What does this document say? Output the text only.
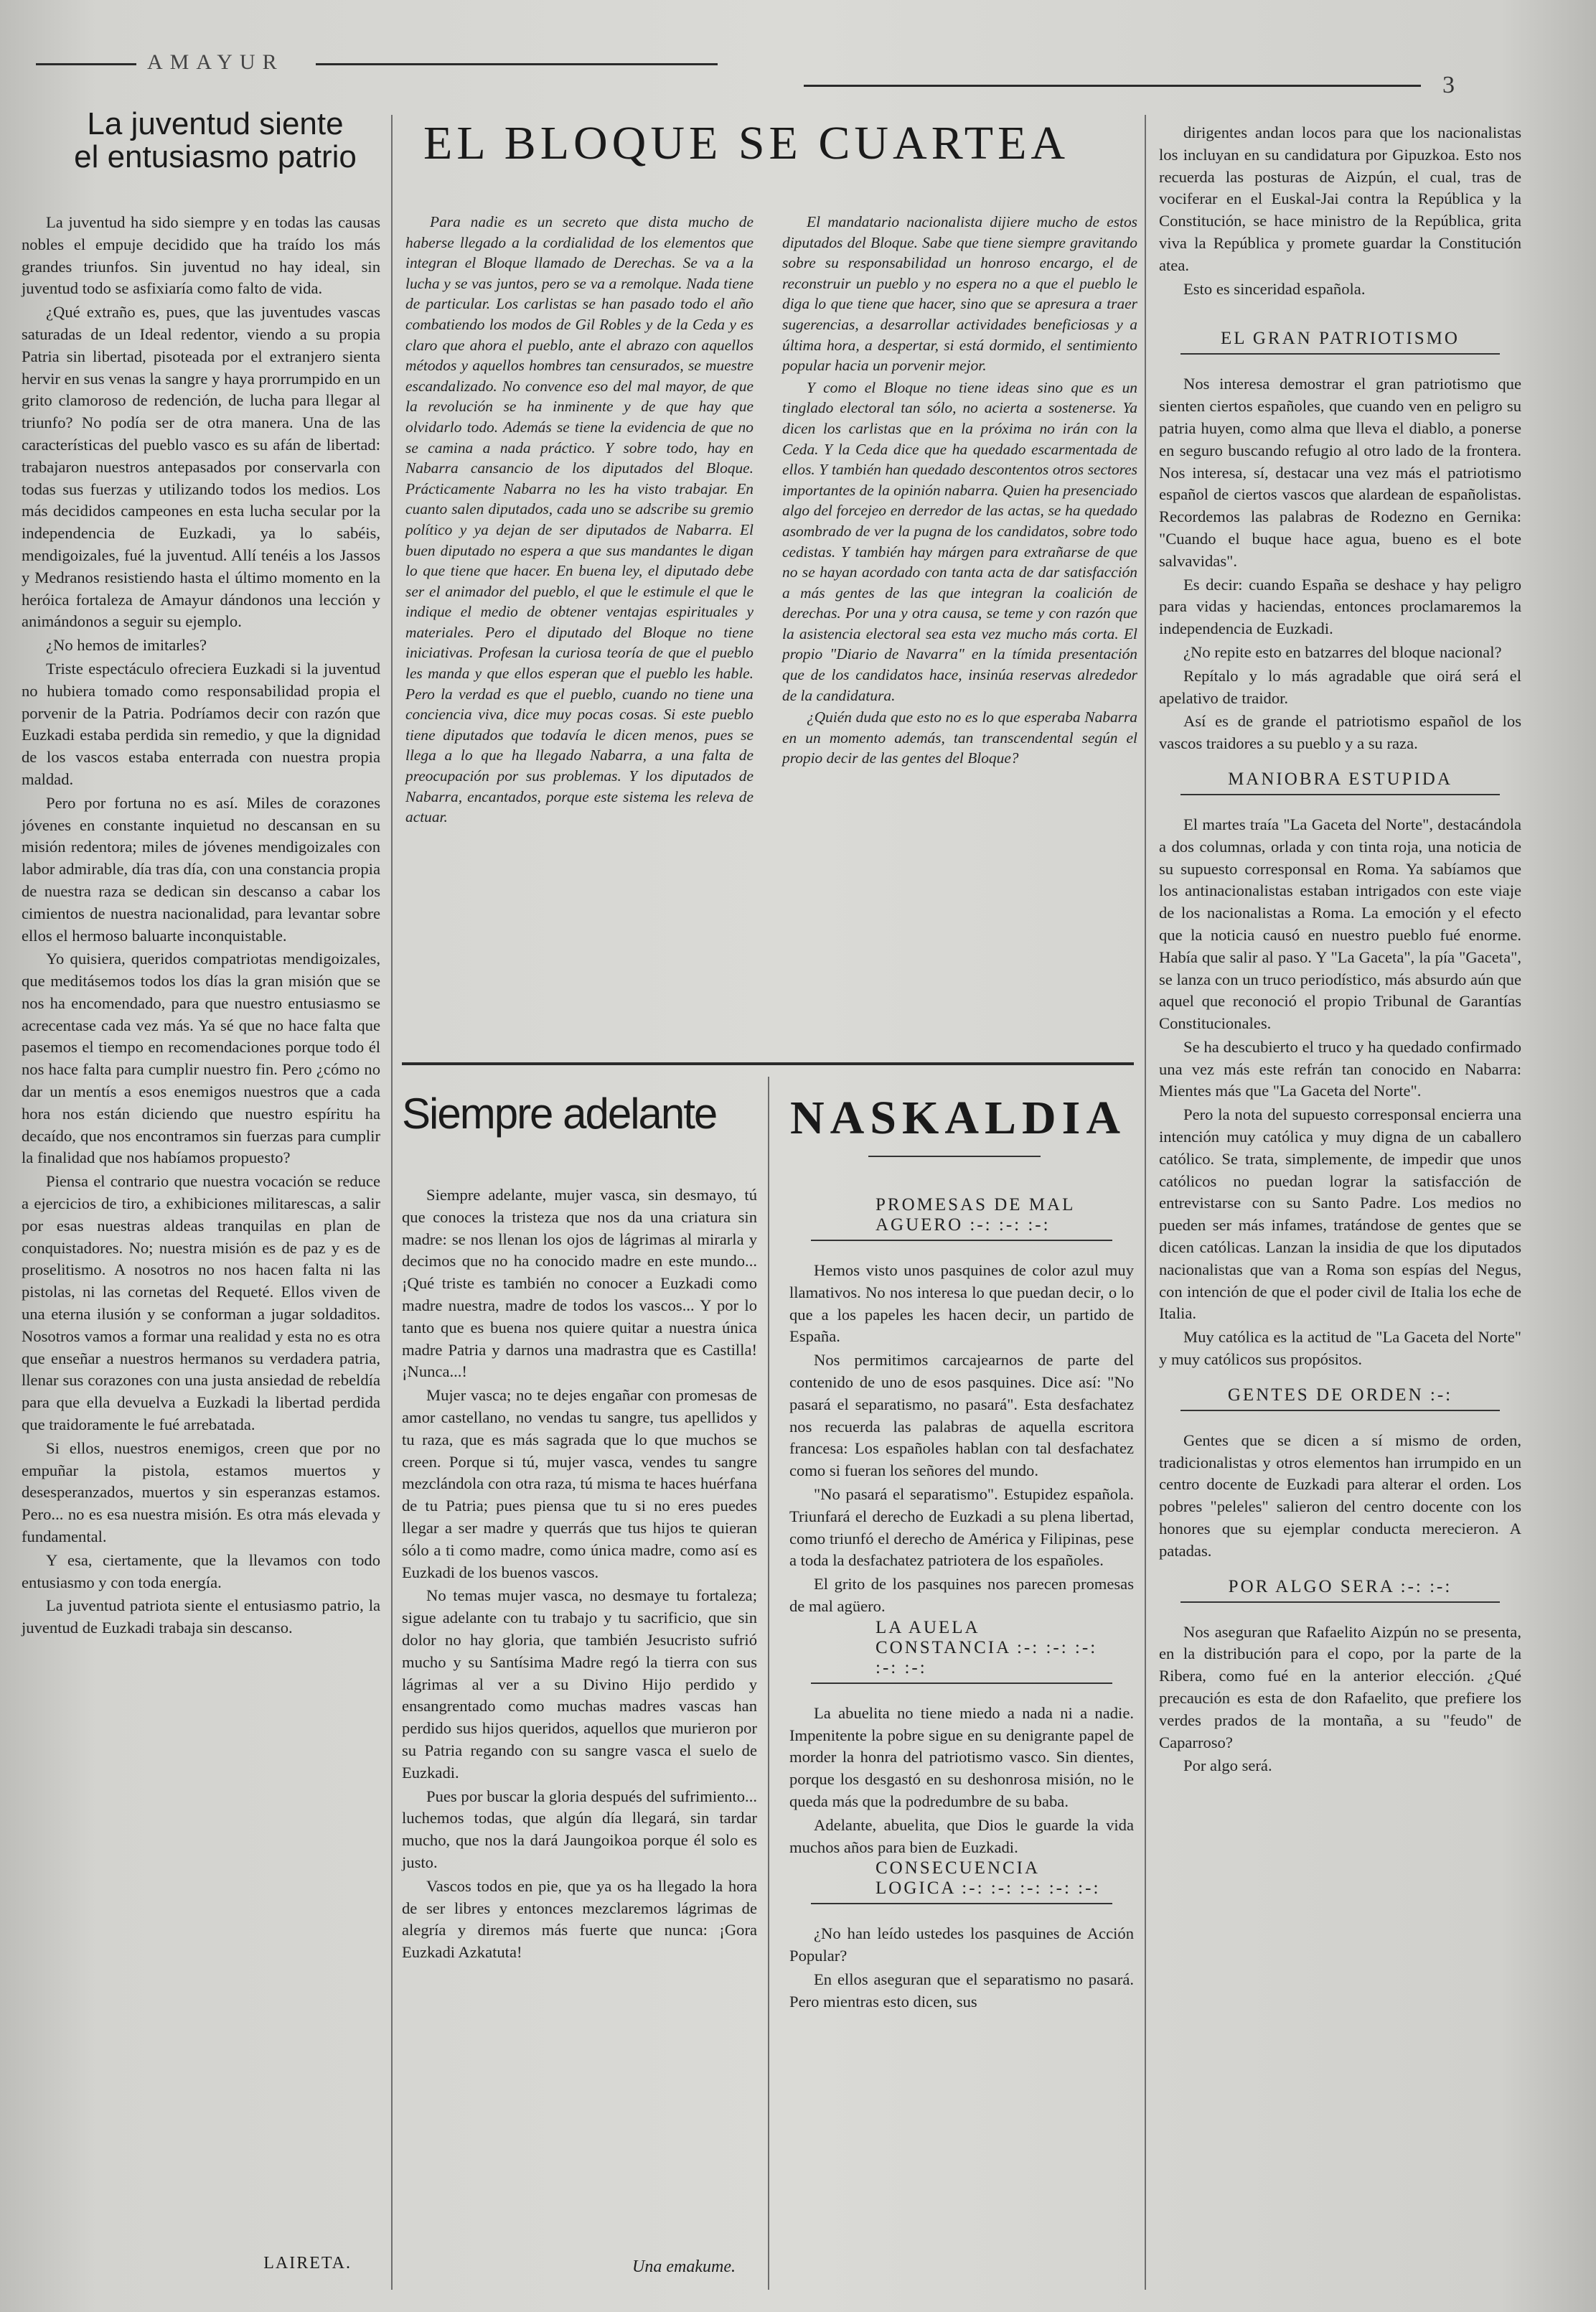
AMAYUR
3
La juventud siente
el entusiasmo patrio

La juventud ha sido siempre y en todas las causas nobles el empuje decidido que ha traído los más grandes triunfos. Sin juventud no hay ideal, sin juventud todo se asfixiaría como falto de vida.

¿Qué extraño es, pues, que las juventudes vascas saturadas de un Ideal redentor, viendo a su propia Patria sin libertad, pisoteada por el extranjero sienta hervir en sus venas la sangre y haya prorrumpido en un grito clamoroso de redención, de lucha para llegar al triunfo? No podía ser de otra manera. Una de las características del pueblo vasco es su afán de libertad: trabajaron nuestros antepasados por conservarla con todas sus fuerzas y utilizando todos los medios. Los más decididos campeones en esta lucha secular por la independencia de Euzkadi, ya lo sabéis, mendigoizales, fué la juventud. Allí tenéis a los Jassos y Medranos resistiendo hasta el último momento en la heróica fortaleza de Amayur dándonos una lección y animándonos a seguir su ejemplo.

¿No hemos de imitarles?

Triste espectáculo ofreciera Euzkadi si la juventud no hubiera tomado como responsabilidad propia el porvenir de la Patria. Podríamos decir con razón que Euzkadi estaba perdida sin remedio, y que la dignidad de los vascos estaba enterrada con nuestra propia maldad.

Pero por fortuna no es así. Miles de corazones jóvenes en constante inquietud no descansan en su misión redentora; miles de jóvenes mendigoizales con labor admirable, día tras día, con una constancia propia de nuestra raza se dedican sin descanso a cabar los cimientos de nuestra nacionalidad, para levantar sobre ellos el hermoso baluarte inconquistable.

Yo quisiera, queridos compatriotas mendigoizales, que meditásemos todos los días la gran misión que se nos ha encomendado, para que nuestro entusiasmo se acrecentase cada vez más. Ya sé que no hace falta que pasemos el tiempo en recomendaciones porque todo él nos hace falta para cumplir nuestro fin. Pero ¿cómo no dar un mentís a esos enemigos nuestros que a cada hora nos están diciendo que nuestro espíritu ha decaído, que nos encontramos sin fuerzas para cumplir la finalidad que nos habíamos propuesto?

Piensa el contrario que nuestra vocación se reduce a ejercicios de tiro, a exhibiciones militarescas, a salir por esas nuestras aldeas tranquilas en plan de conquistadores. No; nuestra misión es de paz y es de proselitismo. A nosotros no nos hacen falta ni las pistolas, ni las cornetas del Requeté. Ellos viven de una eterna ilusión y se conforman a jugar soldaditos. Nosotros vamos a formar una realidad y esta no es otra que enseñar a nuestros hermanos su verdadera patria, llenar sus corazones con una justa ansiedad de rebeldía para que ella devuelva a Euzkadi la libertad perdida que traidoramente le fué arrebatada.

Si ellos, nuestros enemigos, creen que por no empuñar la pistola, estamos muertos y desesperanzados, muertos y sin esperanzas estamos. Pero... no es esa nuestra misión. Es otra más elevada y fundamental.

Y esa, ciertamente, que la llevamos con todo entusiasmo y con toda energía.

La juventud patriota siente el entusiasmo patrio, la juventud de Euzkadi trabaja sin descanso.

LAIRETA.
EL BLOQUE SE CUARTEA

Para nadie es un secreto que dista mucho de haberse llegado a la cordialidad de los elementos que integran el Bloque llamado de Derechas. Se va a la lucha y se vas juntos, pero se va a remolque. Nada tiene de particular. Los carlistas se han pasado todo el año combatiendo los modos de Gil Robles y de la Ceda y es claro que ahora el pueblo, ante el abrazo con aquellos métodos y aquellos hombres tan censurados, se muestre escandalizado. No convence eso del mal mayor, de que la revolución se ha inminente y de que hay que olvidarlo todo. Además se tiene la evidencia de que no se camina a nada práctico. Y sobre todo, hay en Nabarra cansancio de los diputados del Bloque. Prácticamente Nabarra no les ha visto trabajar. En cuanto salen diputados, cada uno se adscribe su gremio político y ya dejan de ser diputados de Nabarra. El buen diputado no espera a que sus mandantes le digan lo que tiene que hacer. En buena ley, el diputado debe ser el animador del pueblo, el que le estimule el que le indique el medio de obtener ventajas espirituales y materiales. Pero el diputado del Bloque no tiene iniciativas. Profesan la curiosa teoría de que el pueblo les manda y que ellos esperan que el pueblo les hable. Pero la verdad es que el pueblo, cuando no tiene una conciencia viva, dice muy pocas cosas. Si este pueblo tiene diputados que todavía le dicen menos, pues se llega a lo que ha llegado Nabarra, a una falta de preocupación por sus problemas. Y los diputados de Nabarra, encantados, porque este sistema les releva de actuar.

El mandatario nacionalista dijiere mucho de estos diputados del Bloque. Sabe que tiene siempre gravitando sobre su responsabilidad un honroso encargo, el de reconstruir un pueblo y no espera no a que el pueblo le diga lo que tiene que hacer, sino que se apresura a traer sugerencias, a desarrollar actividades beneficiosas y a última hora, a despertar, si está dormido, el sentimiento popular hacia un porvenir mejor.

Y como el Bloque no tiene ideas sino que es un tinglado electoral tan sólo, no acierta a sostenerse. Ya dicen los carlistas que en la próxima no irán con la Ceda. Y la Ceda dice que ha quedado escarmentada de ellos. Y también han quedado descontentos otros sectores importantes de la opinión nabarra. Quien ha presenciado algo del forcejeo en derredor de las actas, se ha quedado asombrado de ver la pugna de los candidatos, sobre todo cedistas. Y también hay márgen para extrañarse de que no se hayan acordado con tanta acta de dar satisfacción a más gentes de las que integran la coalición de derechas. Por una y otra causa, se teme y con razón que la asistencia electoral sea esta vez mucho más corta. El propio "Diario de Navarra" en la tímida presentación que de los candidatos hace, insinúa reservas alrededor de la candidatura.

¿Quién duda que esto no es lo que esperaba Nabarra en un momento además, tan transcendental según el propio decir de las gentes del Bloque?

Siempre adelante

Siempre adelante, mujer vasca, sin desmayo, tú que conoces la tristeza que nos da una criatura sin madre: se nos llenan los ojos de lágrimas al mirarla y decimos que no ha conocido madre en este mundo... ¡Qué triste es también no conocer a Euzkadi como madre nuestra, madre de todos los vascos... Y por lo tanto que es buena nos quiere quitar a nuestra única madre Patria y darnos una madrastra que es Castilla! ¡Nunca...!

Mujer vasca; no te dejes engañar con promesas de amor castellano, no vendas tu sangre, tus apellidos y tu raza, que es más sagrada que lo que muchos se creen. Porque si tú, mujer vasca, vendes tu sangre mezclándola con otra raza, tú misma te haces huérfana de tu Patria; pues piensa que tu si no eres puedes llegar a ser madre y querrás que tus hijos te quieran sólo a ti como madre, como única madre, como así es Euzkadi de los buenos vascos.

No temas mujer vasca, no desmaye tu fortaleza; sigue adelante con tu trabajo y tu sacrificio, que sin dolor no hay gloria, que también Jesucristo sufrió mucho y su Santísima Madre regó la tierra con sus lágrimas al ver a su Divino Hijo perdido y ensangrentado como muchas madres vascas han perdido sus hijos queridos, aquellos que murieron por su Patria regando con su sangre vasca el suelo de Euzkadi.

Pues por buscar la gloria después del sufrimiento... luchemos todas, que algún día llegará, sin tardar mucho, que nos la dará Jaungoikoa porque él solo es justo.

Vascos todos en pie, que ya os ha llegado la hora de ser libres y entonces mezclaremos lágrimas de alegría y diremos más fuerte que nunca: ¡Gora Euzkadi Azkatuta!

Una emakume.
NASKALDIA
PROMESAS DE MAL AGUERO :-: :-: :-:

Hemos visto unos pasquines de color azul muy llamativos. No nos interesa lo que puedan decir, o lo que a los papeles les hacen decir, un partido de España.

Nos permitimos carcajearnos de parte del contenido de uno de esos pasquines. Dice así: "No pasará el separatismo, no pasará". Esta desfachatez nos recuerda las palabras de aquella escritora francesa: Los españoles hablan con tal desfachatez como si fueran los señores del mundo.

"No pasará el separatismo". Estupidez española. Triunfará el derecho de Euzkadi a su plena libertad, como triunfó el derecho de América y Filipinas, pese a toda la desfachatez patriotera de los españoles.

El grito de los pasquines nos parecen promesas de mal agüero.

LA AUELA CONSTANCIA :-: :-: :-: :-: :-:

La abuelita no tiene miedo a nada ni a nadie. Impenitente la pobre sigue en su denigrante papel de morder la honra del patriotismo vasco. Sin dientes, porque los desgastó en su deshonrosa misión, no le queda más que la podredumbre de su baba.

Adelante, abuelita, que Dios le guarde la vida muchos años para bien de Euzkadi.

CONSECUENCIA LOGICA :-: :-: :-: :-: :-:

¿No han leído ustedes los pasquines de Acción Popular?

En ellos aseguran que el separatismo no pasará. Pero mientras esto dicen, sus

dirigentes andan locos para que los nacionalistas los incluyan en su candidatura por Gipuzkoa. Esto nos recuerda las posturas de Aizpún, el cual, tras de vociferar en el Euskal-Jai contra la República y la Constitución, se hace ministro de la República, grita viva la República y promete guardar la Constitución atea.

Esto es sinceridad española.

EL GRAN PATRIOTISMO

Nos interesa demostrar el gran patriotismo que sienten ciertos españoles, que cuando ven en peligro su patria huyen, como alma que lleva el diablo, a ponerse en seguro buscando refugio al otro lado de la frontera. Nos interesa, sí, destacar una vez más el patriotismo español de ciertos vascos que alardean de españolistas. Recordemos las palabras de Rodezno en Gernika: "Cuando el buque hace agua, bueno es el bote salvavidas".

Es decir: cuando España se deshace y hay peligro para vidas y haciendas, entonces proclamaremos la independencia de Euzkadi.

¿No repite esto en batzarres del bloque nacional?

Repítalo y lo más agradable que oirá será el apelativo de traidor.

Así es de grande el patriotismo español de los vascos traidores a su pueblo y a su raza.

MANIOBRA ESTUPIDA

El martes traía "La Gaceta del Norte", destacándola a dos columnas, orlada y con tinta roja, una noticia de su supuesto corresponsal en Roma. Ya sabíamos que los antinacionalistas estaban intrigados con este viaje de los nacionalistas a Roma. La emoción y el efecto que la noticia causó en nuestro pueblo fué enorme. Había que salir al paso. Y "La Gaceta", la pía "Gaceta", se lanza con un truco periodístico, más absurdo aún que aquel que reconoció el propio Tribunal de Garantías Constitucionales.

Se ha descubierto el truco y ha quedado confirmado una vez más este refrán tan conocido en Nabarra: Mientes más que "La Gaceta del Norte".

Pero la nota del supuesto corresponsal encierra una intención muy católica y muy digna de un caballero católico. Se trata, simplemente, de impedir que unos católicos no puedan lograr la satisfacción de entrevistarse con su Santo Padre. Los medios no pueden ser más infames, tratándose de gentes que se dicen católicas. Lanzan la insidia de que los diputados nacionalistas que van a Roma son espías del Negus, con intención de que el poder civil de Italia los eche de Italia.

Muy católica es la actitud de "La Gaceta del Norte" y muy católicos sus propósitos.

GENTES DE ORDEN :-:

Gentes que se dicen a sí mismo de orden, tradicionalistas y otros elementos han irrumpido en un centro docente de Euzkadi para alterar el orden. Los pobres "peleles" salieron del centro docente con los honores que su ejemplar conducta merecieron. A patadas.

POR ALGO SERA :-: :-:

Nos aseguran que Rafaelito Aizpún no se presenta, en la distribución para el copo, por la parte de la Ribera, como fué en la anterior elección. ¿Qué precaución es esta de don Rafaelito, que prefiere los verdes prados de la montaña, a su "feudo" de Caparroso?

Por algo será.
